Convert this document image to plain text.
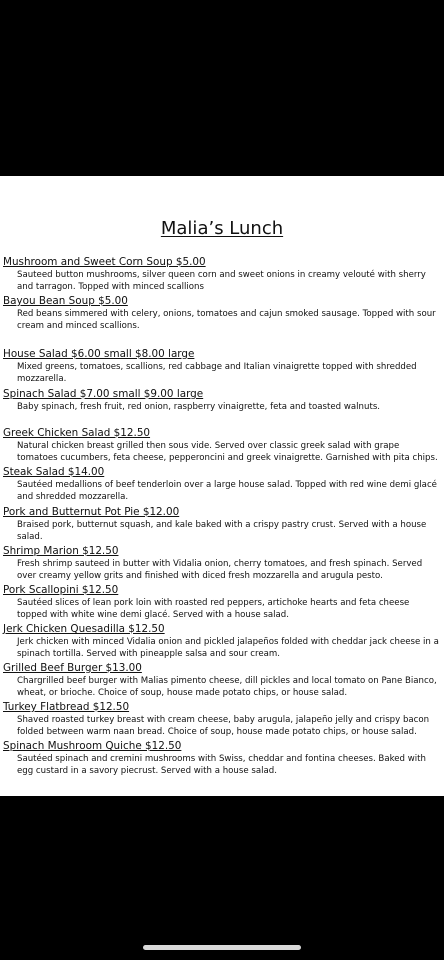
Malia’s Lunch
Mushroom and Sweet Corn Soup $5.00
Sauteed button mushrooms, silver queen corn and sweet onions in creamy velouté with sherry and tarragon. Topped with minced scallions
Bayou Bean Soup $5.00
Red beans simmered with celery, onions, tomatoes and cajun smoked sausage. Topped with sour cream and minced scallions.
House Salad $6.00 small $8.00 large
Mixed greens, tomatoes, scallions, red cabbage and Italian vinaigrette topped with shredded mozzarella.
Spinach Salad $7.00 small $9.00 large
Baby spinach, fresh fruit, red onion, raspberry vinaigrette, feta and toasted walnuts.
Greek Chicken Salad $12.50
Natural chicken breast grilled then sous vide. Served over classic greek salad with grape tomatoes cucumbers, feta cheese, pepperoncini and greek vinaigrette. Garnished with pita chips.
Steak Salad $14.00
Sautéed medallions of beef tenderloin over a large house salad. Topped with red wine demi glacé and shredded mozzarella.
Pork and Butternut Pot Pie $12.00
Braised pork, butternut squash, and kale baked with a crispy pastry crust. Served with a house salad.
Shrimp Marion $12.50
Fresh shrimp sauteed in butter with Vidalia onion, cherry tomatoes, and fresh spinach. Served over creamy yellow grits and finished with diced fresh mozzarella and arugula pesto.
Pork Scallopini $12.50
Sautéed slices of lean pork loin with roasted red peppers, artichoke hearts and feta cheese topped with white wine demi glacé. Served with a house salad.
Jerk Chicken Quesadilla $12.50
Jerk chicken with minced Vidalia onion and pickled jalapeños folded with cheddar jack cheese in a spinach tortilla. Served with pineapple salsa and sour cream.
Grilled Beef Burger $13.00
Chargrilled beef burger with Malias pimento cheese, dill pickles and local tomato on Pane Bianco, wheat, or brioche. Choice of soup, house made potato chips, or house salad.
Turkey Flatbread $12.50
Shaved roasted turkey breast with cream cheese, baby arugula, jalapeño jelly and crispy bacon folded between warm naan bread. Choice of soup, house made potato chips, or house salad.
Spinach Mushroom Quiche $12.50
Sautéed spinach and cremini mushrooms with Swiss, cheddar and fontina cheeses. Baked with egg custard in a savory piecrust. Served with a house salad.
